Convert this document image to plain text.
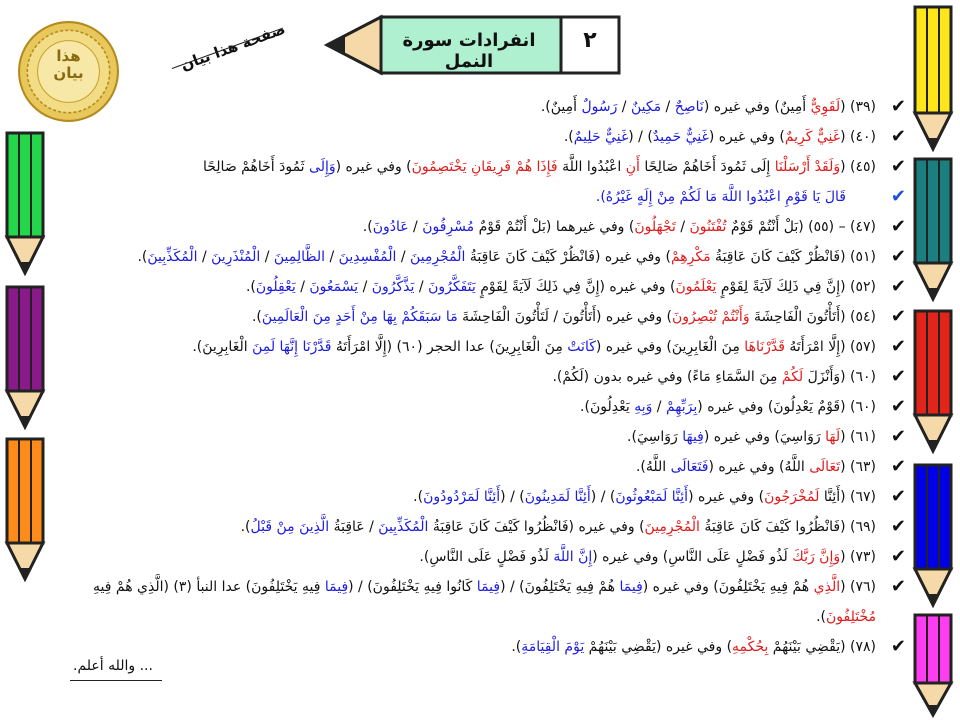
هذا
بيان	صفحة هذا بيان	انفرادات سورة النمل
٢
✔
(٣٩) (لَقَوِيٌّ أَمِينٌ) وفي غيره (نَاصِحٌ / مَكِينٌ / رَسُولٌ أَمِينٌ).
✔
(٤٠) (غَنِيٌّ كَرِيمٌ) وفي غيره (غَنِيٌّ حَمِيدٌ) / (غَنِيٌّ حَلِيمٌ).
✔
(٤٥) (وَلَقَدْ أَرْسَلْنَا إِلَى ثَمُودَ أَخَاهُمْ صَالِحًا أَنِ اعْبُدُوا اللَّهَ فَإِذَا هُمْ فَرِيقَانِ يَخْتَصِمُونَ) وفي غيره (وَإِلَى ثَمُودَ أَخَاهُمْ صَالِحًا
✔
قَالَ يَا قَوْمِ اعْبُدُوا اللَّهَ مَا لَكُمْ مِنْ إِلَهٍ غَيْرُهُ).
✔
(٤٧) – (٥٥) (بَلْ أَنْتُمْ قَوْمٌ تُفْتَنُونَ / تَجْهَلُونَ) وفي غيرهما (بَلْ أَنْتُمْ قَوْمٌ مُسْرِفُونَ / عَادُونَ).
✔
(٥١) (فَانْظُرْ كَيْفَ كَانَ عَاقِبَةُ مَكْرِهِمْ) وفي غيره (فَانْظُرْ كَيْفَ كَانَ عَاقِبَةُ الْمُجْرِمِينَ / الْمُفْسِدِينَ / الظَّالِمِينَ / الْمُنْذَرِينَ / الْمُكَذِّبِينَ).
✔
(٥٢) (إِنَّ فِي ذَلِكَ لَآيَةً لِقَوْمٍ يَعْلَمُونَ) وفي غيره (إِنَّ فِي ذَلِكَ لَآيَةً لِقَوْمٍ يَتَفَكَّرُونَ / يَذَّكَّرُونَ / يَسْمَعُونَ / يَعْقِلُونَ).
✔
(٥٤) (أَتَأْتُونَ الْفَاحِشَةَ وَأَنْتُمْ تُبْصِرُونَ) وفي غيره (أَتَأْتُونَ / لَتَأْتُونَ الْفَاحِشَةَ مَا سَبَقَكُمْ بِهَا مِنْ أَحَدٍ مِنَ الْعَالَمِينَ).
✔
(٥٧) (إِلَّا امْرَأَتَهُ قَدَّرْنَاهَا مِنَ الْغَابِرِينَ) وفي غيره (كَانَتْ مِنَ الْغَابِرِينَ) عدا الحجر (٦٠) (إِلَّا امْرَأَتَهُ قَدَّرْنَا إِنَّهَا لَمِنَ الْغَابِرِينَ).
✔
(٦٠) (وَأَنْزَلَ لَكُمْ مِنَ السَّمَاءِ مَاءً) وفي غيره بدون (لَكُمْ).
✔
(٦٠) (قَوْمٌ يَعْدِلُونَ) وفي غيره (بِرَبِّهِمْ / وَبِهِ يَعْدِلُونَ).
✔
(٦١) (لَهَا رَوَاسِيَ) وفي غيره (فِيهَا رَوَاسِيَ).
✔
(٦٣) (تَعَالَى اللَّهُ) وفي غيره (فَتَعَالَى اللَّهُ).
✔
(٦٧) (أَئِنَّا لَمُخْرَجُونَ) وفي غيره (أَئِنَّا لَمَبْعُوثُونَ) / (أَئِنَّا لَمَدِينُونَ) / (أَئِنَّا لَمَرْدُودُونَ).
✔
(٦٩) (فَانْظُرُوا كَيْفَ كَانَ عَاقِبَةُ الْمُجْرِمِينَ) وفي غيره (فَانْظُرُوا كَيْفَ كَانَ عَاقِبَةُ الْمُكَذِّبِينَ / عَاقِبَةُ الَّذِينَ مِنْ قَبْلُ).
✔
(٧٣) (وَإِنَّ رَبَّكَ لَذُو فَضْلٍ عَلَى النَّاسِ) وفي غيره (إِنَّ اللَّهَ لَذُو فَضْلٍ عَلَى النَّاسِ).
✔
(٧٦) (الَّذِي هُمْ فِيهِ يَخْتَلِفُونَ) وفي غيره (فِيمَا هُمْ فِيهِ يَخْتَلِفُونَ) / (فِيمَا كَانُوا فِيهِ يَخْتَلِفُونَ) / (فِيمَا فِيهِ يَخْتَلِفُونَ) عدا النبأ (٣) (الَّذِي هُمْ فِيهِ مُخْتَلِفُونَ).
✔
(٧٨) (يَقْضِي بَيْنَهُمْ بِحُكْمِهِ) وفي غيره (يَقْضِي بَيْنَهُمْ يَوْمَ الْقِيَامَةِ).
... والله أعلم.
